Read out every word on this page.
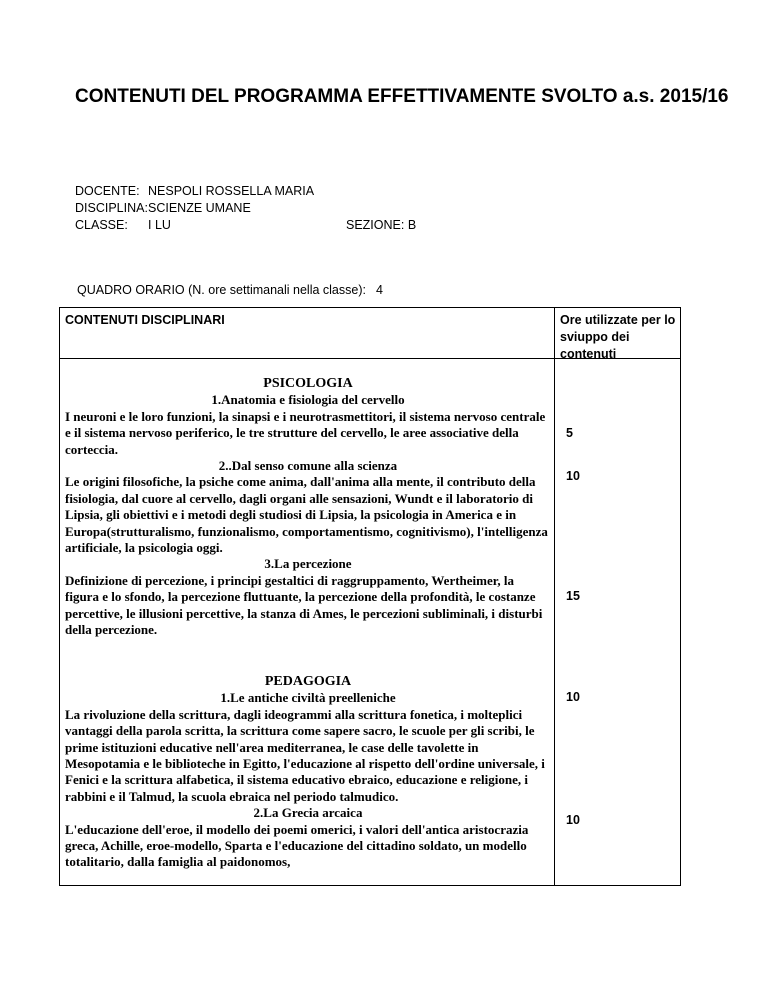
CONTENUTI DEL PROGRAMMA EFFETTIVAMENTE SVOLTO a.s. 2015/16
DOCENTE: NESPOLI ROSSELLA MARIA
DISCIPLINA:SCIENZE UMANE
CLASSE: I LU	SEZIONE: B
QUADRO ORARIO (N. ore settimanali nella classe): 4
CONTENUTI DISCIPLINARI	Ore utilizzate per lo sviuppo dei contenuti

PSICOLOGIA

1.Anatomia e fisiologia del cervello

I neuroni e le loro funzioni, la sinapsi e i neurotrasmettitori, il sistema nervoso centrale e il sistema nervoso periferico, le tre strutture del cervello, le aree associative della corteccia.

2..Dal senso comune alla scienza

Le origini filosofiche, la psiche come anima, dall'anima alla mente, il contributo della fisiologia, dal cuore al cervello, dagli organi alle sensazioni, Wundt e il laboratorio di Lipsia, gli obiettivi e i metodi degli studiosi di Lipsia, la psicologia in America e in Europa(strutturalismo, funzionalismo, comportamentismo, cognitivismo), l'intelligenza artificiale, la psicologia oggi.

3.La percezione

Definizione di percezione, i principi gestaltici di raggruppamento, Wertheimer, la figura e lo sfondo, la percezione fluttuante, la percezione della profondità, le costanze percettive, le illusioni percettive, la stanza di Ames, le percezioni subliminali, i disturbi della percezione.

PEDAGOGIA

1.Le antiche civiltà preelleniche

La rivoluzione della scrittura, dagli ideogrammi alla scrittura fonetica, i molteplici vantaggi della parola scritta, la scrittura come sapere sacro, le scuole per gli scribi, le prime istituzioni educative nell'area mediterranea, le case delle tavolette in Mesopotamia e le biblioteche in Egitto, l'educazione al rispetto dell'ordine universale, i Fenici e la scrittura alfabetica, il sistema educativo ebraico, educazione e religione, i rabbini e il Talmud, la scuola ebraica nel periodo talmudico.

2.La Grecia arcaica

L'educazione dell'eroe, il modello dei poemi omerici, i valori dell'antica aristocrazia greca, Achille, eroe-modello, Sparta e l'educazione del cittadino soldato, un modello totalitario, dalla famiglia al paidonomos,

5
10
15
10
10
